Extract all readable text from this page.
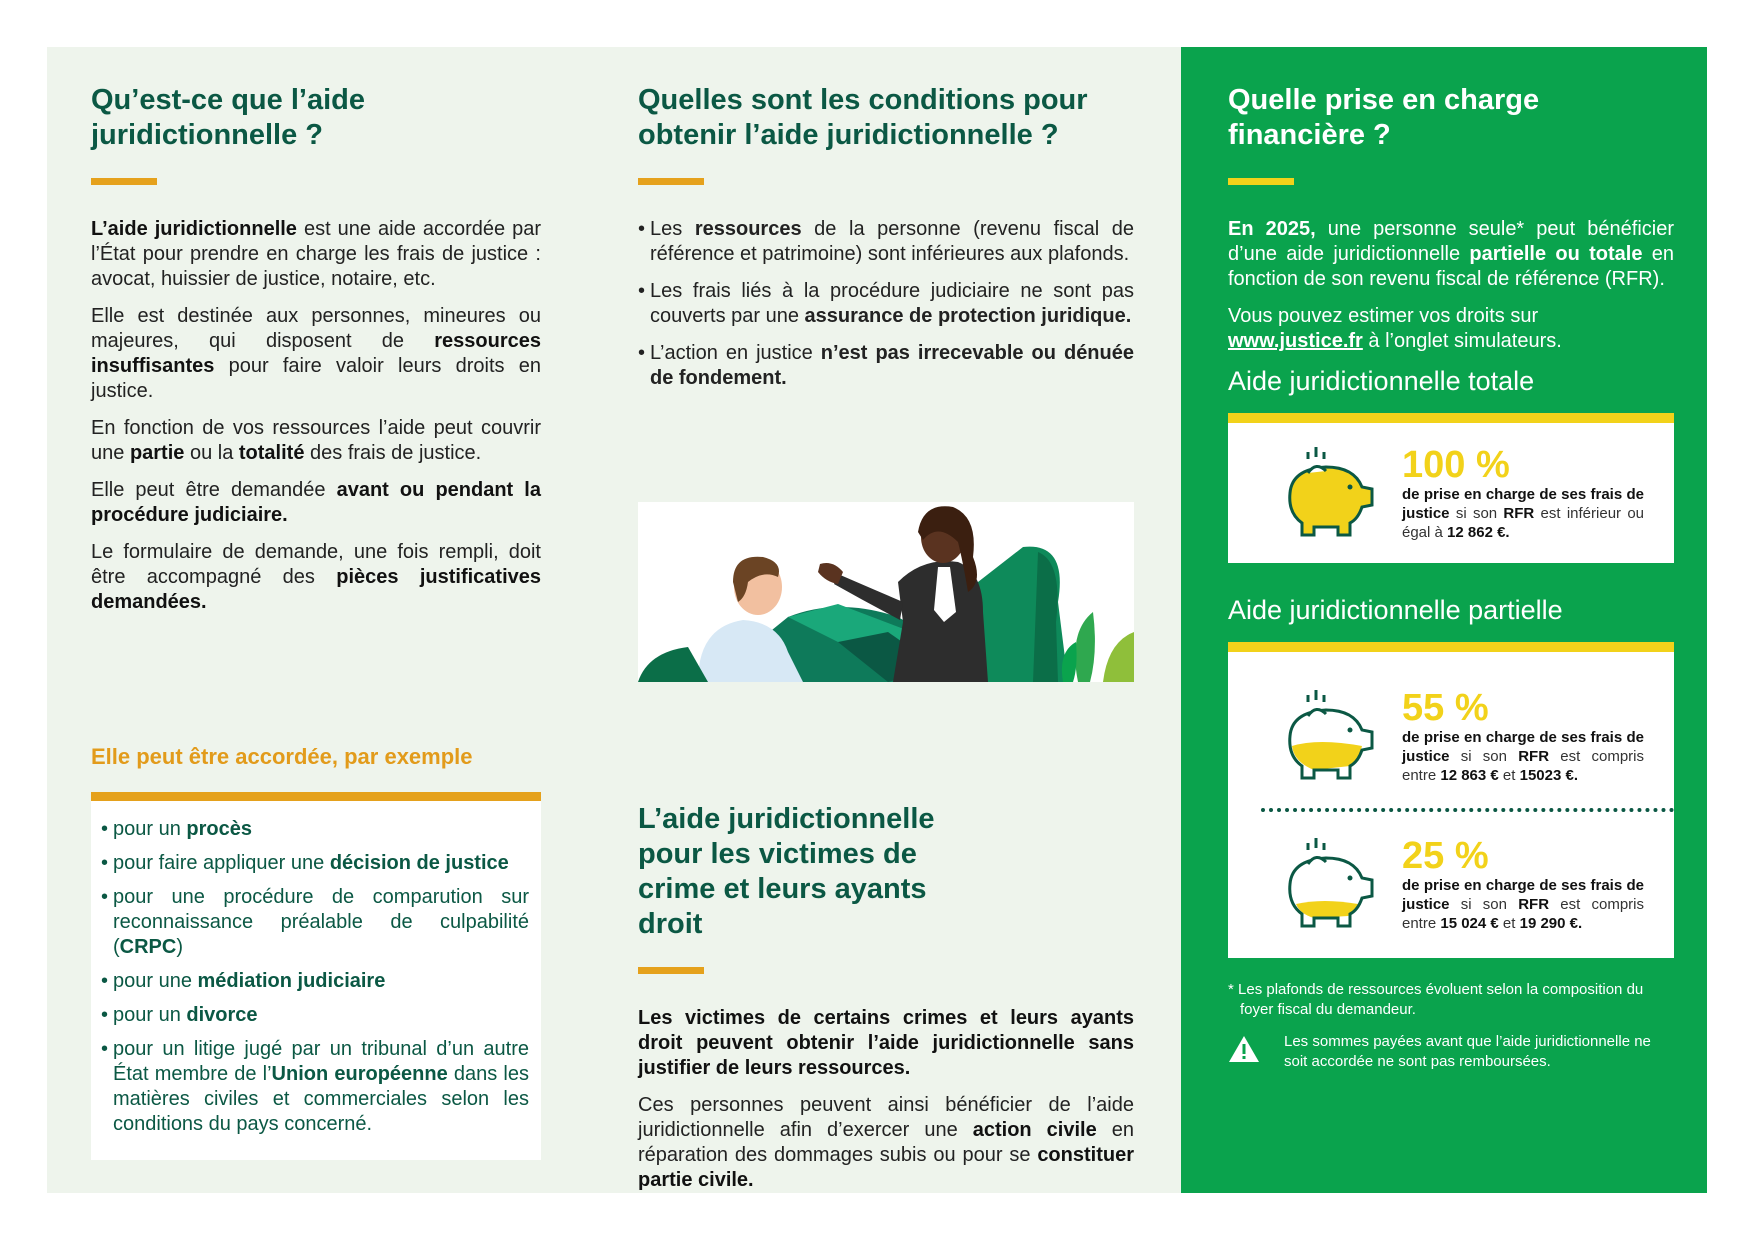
Qu’est-ce que l’aide juridictionnelle ?

L’aide juridictionnelle est une aide accordée par l’État pour prendre en charge les frais de justice : avocat, huissier de justice, notaire, etc.

Elle est destinée aux personnes, mineures ou majeures, qui disposent de ressources insuffisantes pour faire valoir leurs droits en justice.

En fonction de vos ressources l’aide peut couvrir une partie ou la totalité des frais de justice.

Elle peut être demandée avant ou pendant la procédure judiciaire.

Le formulaire de demande, une fois rempli, doit être accompagné des pièces justificatives demandées.

Elle peut être accordée, par exemple
• pour un procès
• pour faire appliquer une décision de justice
• pour une procédure de comparution sur reconnaissance préalable de culpabilité (CRPC)
• pour une médiation judiciaire
• pour un divorce
• pour un litige jugé par un tribunal d’un autre État membre de l’Union européenne dans les matières civiles et commerciales selon les conditions du pays concerné.
Quelles sont les conditions pour obtenir l’aide juridictionnelle ?
• Les ressources de la personne (revenu fiscal de référence et patrimoine) sont inférieures aux plafonds.
• Les frais liés à la procédure judiciaire ne sont pas couverts par une assurance de protection juridique.
• L’action en justice n’est pas irrecevable ou dénuée de fondement.
L’aide juridictionnelle pour les victimes de crime et leurs ayants droit

Les victimes de certains crimes et leurs ayants droit peuvent obtenir l’aide juridictionnelle sans justifier de leurs ressources.

Ces personnes peuvent ainsi bénéficier de l’aide juridictionnelle afin d’exercer une action civile en réparation des dommages subis ou pour se constituer partie civile.

Quelle prise en charge financière ?

En 2025, une personne seule* peut bénéficier d’une aide juridictionnelle partielle ou totale en fonction de son revenu fiscal de référence (RFR).

Vous pouvez estimer vos droits sur www.justice.fr à l’onglet simulateurs.

Aide juridictionnelle totale
100 %
de prise en charge de ses frais de justice si son RFR est inférieur ou égal à 12 862 €.
Aide juridictionnelle partielle
55 %
de prise en charge de ses frais de justice si son RFR est compris entre 12 863 € et 15023 €.
25 %
de prise en charge de ses frais de justice si son RFR est compris entre 15 024 € et 19 290 €.

* Les plafonds de ressources évoluent selon la composition du foyer fiscal du demandeur.

Les sommes payées avant que l’aide juridictionnelle ne soit accordée ne sont pas remboursées.
